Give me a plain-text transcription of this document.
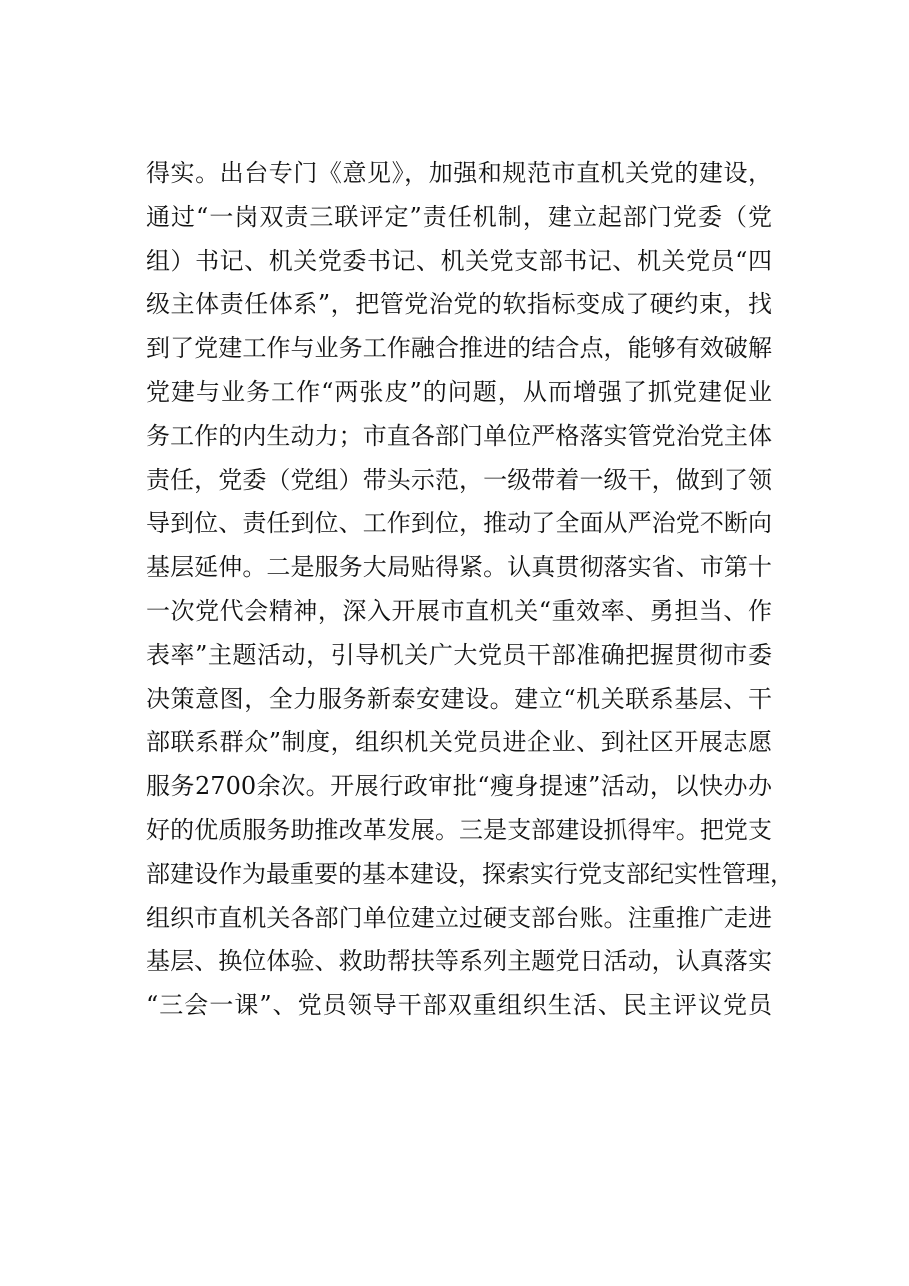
得实。出台专门《意见》，加强和规范市直机关党的建设，
通过“一岗双责三联评定”责任机制，建立起部门党委（党
组）书记、机关党委书记、机关党支部书记、机关党员“四
级主体责任体系”，把管党治党的软指标变成了硬约束，找
到了党建工作与业务工作融合推进的结合点，能够有效破解
党建与业务工作“两张皮”的问题，从而增强了抓党建促业
务工作的内生动力；市直各部门单位严格落实管党治党主体
责任，党委（党组）带头示范，一级带着一级干，做到了领
导到位、责任到位、工作到位，推动了全面从严治党不断向
基层延伸。二是服务大局贴得紧。认真贯彻落实省、市第十
一次党代会精神，深入开展市直机关“重效率、勇担当、作
表率”主题活动，引导机关广大党员干部准确把握贯彻市委
决策意图，全力服务新泰安建设。建立“机关联系基层、干
部联系群众”制度，组织机关党员进企业、到社区开展志愿
服务2700余次。开展行政审批“瘦身提速”活动，以快办办
好的优质服务助推改革发展。三是支部建设抓得牢。把党支
部建设作为最重要的基本建设，探索实行党支部纪实性管理，
组织市直机关各部门单位建立过硬支部台账。注重推广走进
基层、换位体验、救助帮扶等系列主题党日活动，认真落实
“三会一课”、党员领导干部双重组织生活、民主评议党员
